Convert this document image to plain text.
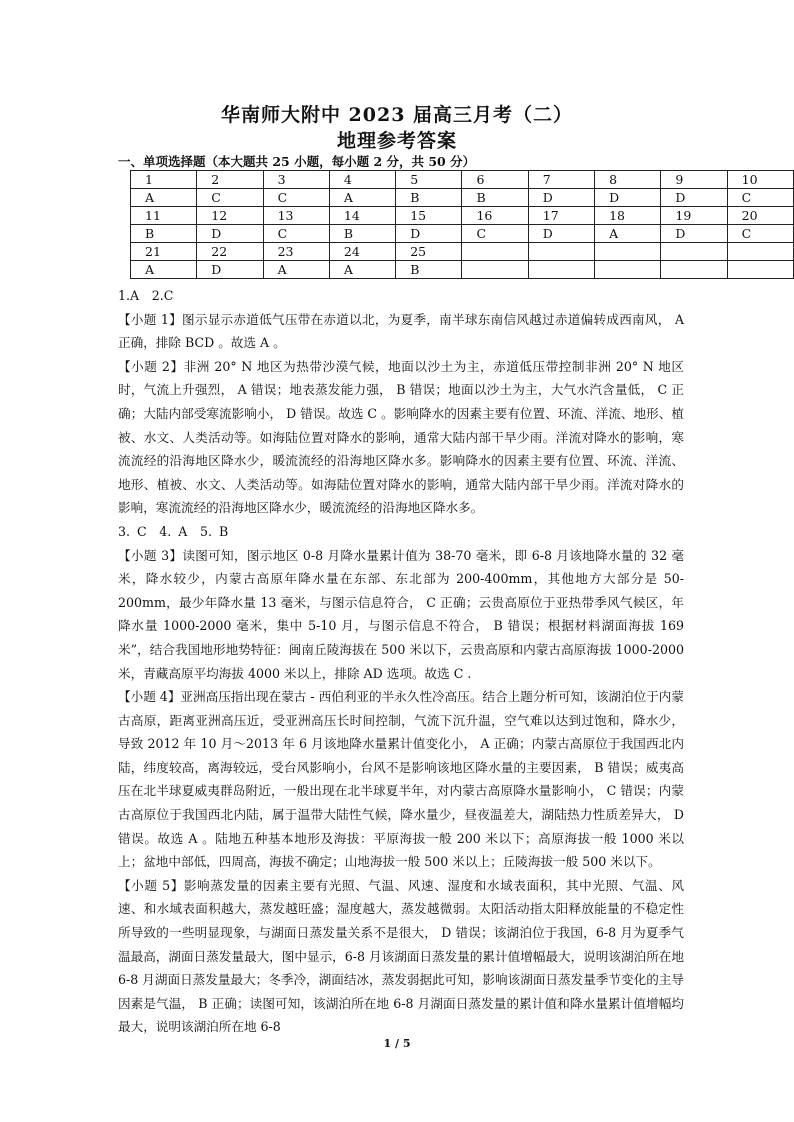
华南师大附中 2023 届高三月考（二）
地理参考答案
一、单项选择题（本大题共 25 小题，每小题 2 分，共 50 分）
1	2	3	4	5	6	7	8	9	10
A	C	C	A	B	B	D	D	D	C
11	12	13	14	15	16	17	18	19	20
B	D	C	B	D	C	D	A	D	C
21	22	23	24	25					
A	D	A	A	B					

1.A　2.C

【小题 1】图示显示赤道低气压带在赤道以北，为夏季，南半球东南信风越过赤道偏转成西南风， A 正确，排除 BCD 。故选 A 。

【小题 2】非洲 20° N 地区为热带沙漠气候，地面以沙土为主，赤道低压带控制非洲 20° N 地区时，气流上升强烈， A 错误；地表蒸发能力强， B 错误；地面以沙土为主，大气水汽含量低， C 正确；大陆内部受寒流影响小， D 错误。故选 C 。影响降水的因素主要有位置、环流、洋流、地形、植被、水文、人类活动等。如海陆位置对降水的影响，通常大陆内部干旱少雨。洋流对降水的影响，寒流流经的沿海地区降水少，暖流流经的沿海地区降水多。影响降水的因素主要有位置、环流、洋流、地形、植被、水文、人类活动等。如海陆位置对降水的影响，通常大陆内部干旱少雨。洋流对降水的影响，寒流流经的沿海地区降水少，暖流流经的沿海地区降水多。

3. C　4. A　5. B

【小题 3】读图可知，图示地区 0-8 月降水量累计值为 38-70 毫米，即 6-8 月该地降水量的 32 毫米，降水较少，内蒙古高原年降水量在东部、东北部为 200-400mm，其他地方大部分是 50-200mm，最少年降水量 13 毫米，与图示信息符合， C 正确；云贵高原位于亚热带季风气候区，年降水量 1000-2000 毫米，集中 5-10 月，与图示信息不符合， B 错误；根据材料湖面海拔 169 米”，结合我国地形地势特征：闽南丘陵海拔在 500 米以下，云贵高原和内蒙古高原海拔 1000-2000 米，青藏高原平均海拔 4000 米以上，排除 AD 选项。故选 C .

【小题 4】亚洲高压指出现在蒙古 - 西伯利亚的半永久性冷高压。结合上题分析可知，该湖泊位于内蒙古高原，距离亚洲高压近，受亚洲高压长时间控制，气流下沉升温，空气难以达到过饱和，降水少，导致 2012 年 10 月～2013 年 6 月该地降水量累计值变化小， A 正确；内蒙古高原位于我国西北内陆，纬度较高，离海较远，受台风影响小，台风不是影响该地区降水量的主要因素， B 错误；威夷高压在北半球夏威夷群岛附近，一般出现在北半球夏半年，对内蒙古高原降水量影响小， C 错误；内蒙古高原位于我国西北内陆，属于温带大陆性气候，降水量少，昼夜温差大，湖陆热力性质差异大， D 错误。故选 A 。陆地五种基本地形及海拔：平原海拔一般 200 米以下；高原海拔一般 1000 米以上；盆地中部低，四周高，海拔不确定；山地海拔一般 500 米以上；丘陵海拔一般 500 米以下。

【小题 5】影响蒸发量的因素主要有光照、气温、风速、湿度和水域表面积，其中光照、气温、风速、和水域表面积越大，蒸发越旺盛；湿度越大，蒸发越微弱。太阳活动指太阳释放能量的不稳定性所导致的一些明显现象，与湖面日蒸发量关系不是很大， D 错误；该湖泊位于我国，6-8 月为夏季气温最高，湖面日蒸发量最大，图中显示，6-8 月该湖面日蒸发量的累计值增幅最大，说明该湖泊所在地 6-8 月湖面日蒸发量最大；冬季冷，湖面结冰，蒸发弱据此可知，影响该湖面日蒸发量季节变化的主导因素是气温， B 正确；读图可知，该湖泊所在地 6-8 月湖面日蒸发量的累计值和降水量累计值增幅均最大，说明该湖泊所在地 6-8

1 / 5
